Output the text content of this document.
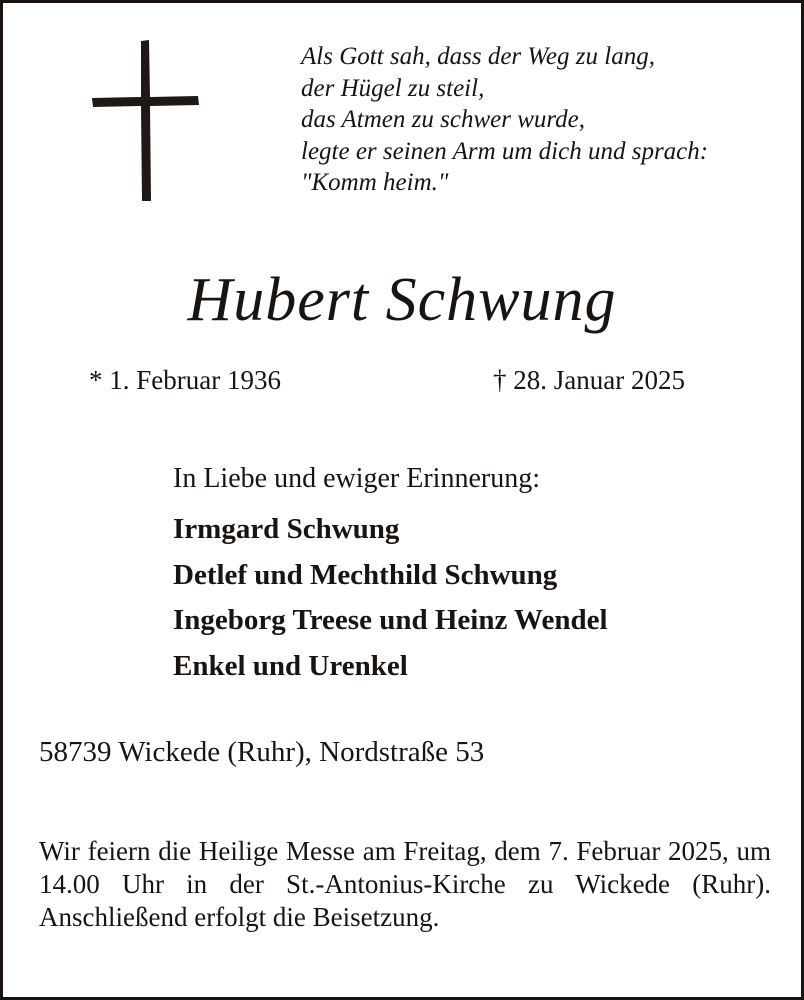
Als Gott sah, dass der Weg zu lang,
der Hügel zu steil,
das Atmen zu schwer wurde,
legte er seinen Arm um dich und sprach:
"Komm heim."
Hubert Schwung
* 1. Februar 1936	† 28. Januar 2025
In Liebe und ewiger Erinnerung:
Irmgard Schwung
Detlef und Mechthild Schwung
Ingeborg Treese und Heinz Wendel
Enkel und Urenkel
58739 Wickede (Ruhr), Nordstraße 53
Wir feiern die Heilige Messe am Freitag, dem 7. Februar 2025, um 14.00 Uhr in der St.-Antonius-Kirche zu Wickede (Ruhr). Anschließend erfolgt die Beisetzung.
